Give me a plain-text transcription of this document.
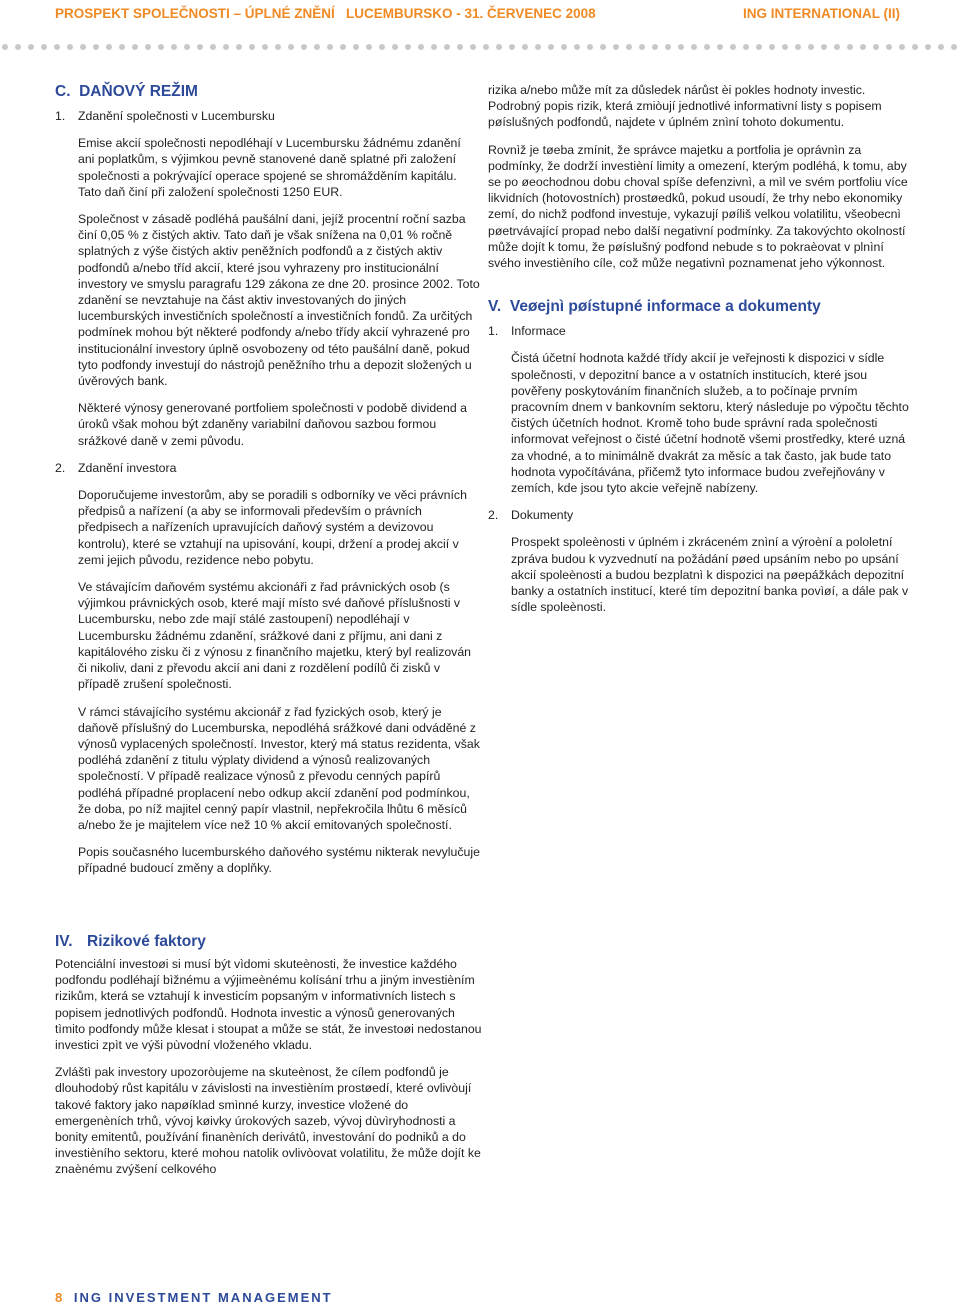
PROSPEKT SPOLEČNOSTI – ÚPLNÉ ZNĚNÍ   LUCEMBURSKO - 31. ČERVENEC 2008	ING INTERNATIONAL (II)

C.  DAŇOVÝ REŽIM

1.	Zdanění společnosti v Lucembursku

Emise akcií společnosti nepodléhají v Lucembursku žádnému zdanění ani poplatkům, s výjimkou pevně stanovené daně splatné při založení společnosti a pokrývající operace spojené se shromážděním kapitálu. Tato daň činí při založení společnosti 1250 EUR.

Společnost v zásadě podléhá paušální dani, jejíž procentní roční sazba činí 0,05 % z čistých aktiv. Tato daň je však snížena na 0,01 % ročně splatných z výše čistých aktiv peněžních podfondů a z čistých aktiv podfondů a/nebo tříd akcií, které jsou vyhrazeny pro institucionální investory ve smyslu paragrafu 129 zákona ze dne 20. prosince 2002. Toto zdanění se nevztahuje na část aktiv investovaných do jiných lucemburských investičních společností a investičních fondů. Za určitých podmínek mohou být některé podfondy a/nebo třídy akcií vyhrazené pro institucionální investory úplně osvobozeny od této paušální daně, pokud tyto podfondy investují do nástrojů peněžního trhu a depozit složených u úvěrových bank.

Některé výnosy generované portfoliem společnosti v podobě dividend a úroků však mohou být zdaněny variabilní daňovou sazbou formou srážkové daně v zemi původu.

2.	Zdanění investora

Doporučujeme investorům, aby se poradili s odborníky ve věci právních předpisů a nařízení (a aby se informovali především o právních předpisech a nařízeních upravujících daňový systém a devizovou kontrolu), které se vztahují na upisování, koupi, držení a prodej akcií v zemi jejich původu, rezidence nebo pobytu.

Ve stávajícím daňovém systému akcionáři z řad právnických osob (s výjimkou právnických osob, které mají místo své daňové příslušnosti v Lucembursku, nebo zde mají stálé zastoupení) nepodléhají v Lucembursku žádnému zdanění, srážkové dani z příjmu, ani dani z kapitálového zisku či z výnosu z finančního majetku, který byl realizován či nikoliv, dani z převodu akcií ani dani z rozdělení podílů či zisků v případě zrušení společnosti.

V rámci stávajícího systému akcionář z řad fyzických osob, který je daňově příslušný do Lucemburska, nepodléhá srážkové dani odváděné z výnosů vyplacených společností. Investor, který má status rezidenta, však podléhá zdanění z titulu výplaty dividend a výnosů realizovaných společností. V případě realizace výnosů z převodu cenných papírů podléhá případné proplacení nebo odkup akcií zdanění pod podmínkou, že doba, po níž majitel cenný papír vlastnil, nepřekročila lhůtu 6 měsíců a/nebo že je majitelem více než 10 % akcií emitovaných společností.

Popis současného lucemburského daňového systému nikterak nevylučuje případné budoucí změny a doplňky.

rizika a/nebo může mít za důsledek nárůst èi pokles hodnoty investic. Podrobný popis rizik, která zmiòují jednotlivé informativní listy s popisem pøíslušných podfondů, najdete v úplném znìní tohoto dokumentu.

Rovnìž je tøeba zmínit, že správce majetku a portfolia je oprávnìn za podmínky, že dodrží investièní limity a omezení, kterým podléhá, k tomu, aby se po øeochodnou dobu choval spíše defenzivnì, a mìl ve svém portfoliu více likvidních (hotovostních) prostøedků, pokud usoudí, že trhy nebo ekonomiky zemí, do nichž podfond investuje, vykazují pøíliš velkou volatilitu, všeobecnì pøetrvávající propad nebo další negativní podmínky. Za takovýchto okolností může dojít k tomu, že pøíslušný podfond nebude s to pokraèovat v plnìní svého investièního cíle, což může negativnì poznamenat jeho výkonnost.

V.  Veøejnì pøístupné informace a dokumenty

1.	Informace

Čistá účetní hodnota každé třídy akcií je veřejnosti k dispozici v sídle společnosti, v depozitní bance a v ostatních institucích, které jsou pověřeny poskytováním finančních služeb, a to počínaje prvním pracovním dnem v bankovním sektoru, který následuje po výpočtu těchto čistých účetních hodnot. Kromě toho bude správní rada společnosti informovat veřejnost o čisté účetní hodnotě všemi prostředky, které uzná za vhodné, a to minimálně dvakrát za měsíc a tak často, jak bude tato hodnota vypočítávána, přičemž tyto informace budou zveřejňovány v zemích, kde jsou tyto akcie veřejně nabízeny.

2.	Dokumenty

Prospekt spoleènosti v úplném i zkráceném znìní a výroèní a pololetní zpráva budou k vyzvednutí na požádání pøed upsáním nebo po upsání akcií spoleènosti a budou bezplatnì k dispozici na pøepážkách depozitní banky a ostatních institucí, které tím depozitní banka povìøí, a dále pak v sídle spoleènosti.

IV. Rizikové faktory

Potenciální investoøi si musí být vìdomi skuteènosti, že investice každého podfondu podléhají bìžnému a výjimeènému kolísání trhu a jiným investièním rizikům, která se vztahují k investicím popsaným v informativních listech s popisem jednotlivých podfondů. Hodnota investic a výnosů generovaných tìmito podfondy může klesat i stoupat a může se stát, že investoøi nedostanou investici zpìt ve výši pùvodní vloženého vkladu.

Zvláštì pak investory upozoròujeme na skuteènost, že cílem podfondů je dlouhodobý růst kapitálu v závislosti na investièním prostøedí, které ovlivòují takové faktory jako napøíklad smìnné kurzy, investice vložené do emergenèních trhů, vývoj køivky úrokových sazeb, vývoj dùvìryhodnosti a bonity emitentů, používání finanèních derivátů, investování do podniků a do investièního sektoru, které mohou natolik ovlivòovat volatilitu, že může dojít ke znaènému zvýšení celkového

8 ING INVESTMENT MANAGEMENT
